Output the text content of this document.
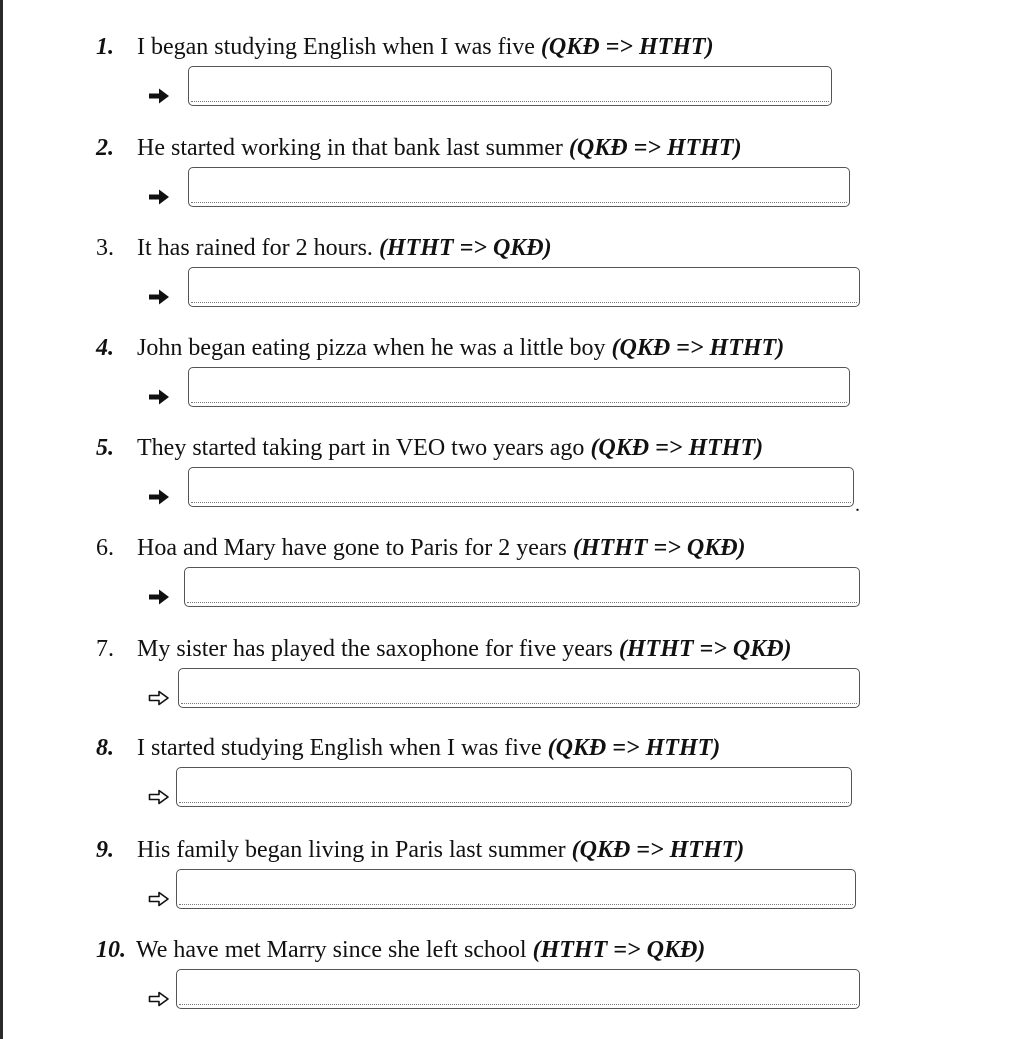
1. I began studying English when I was five (QKĐ => HTHT)
2. He started working in that bank last summer (QKĐ => HTHT)
3. It has rained for 2 hours. (HTHT => QKĐ)
4. John began eating pizza when he was a little boy (QKĐ => HTHT)
5. They started taking part in VEO two years ago (QKĐ => HTHT)
.
6. Hoa and Mary have gone to Paris for 2 years (HTHT => QKĐ)
7. My sister has played the saxophone for five years (HTHT => QKĐ)
8. I started studying English when I was five (QKĐ => HTHT)
9. His family began living in Paris last summer (QKĐ => HTHT)
10. We have met Marry since she left school (HTHT => QKĐ)
